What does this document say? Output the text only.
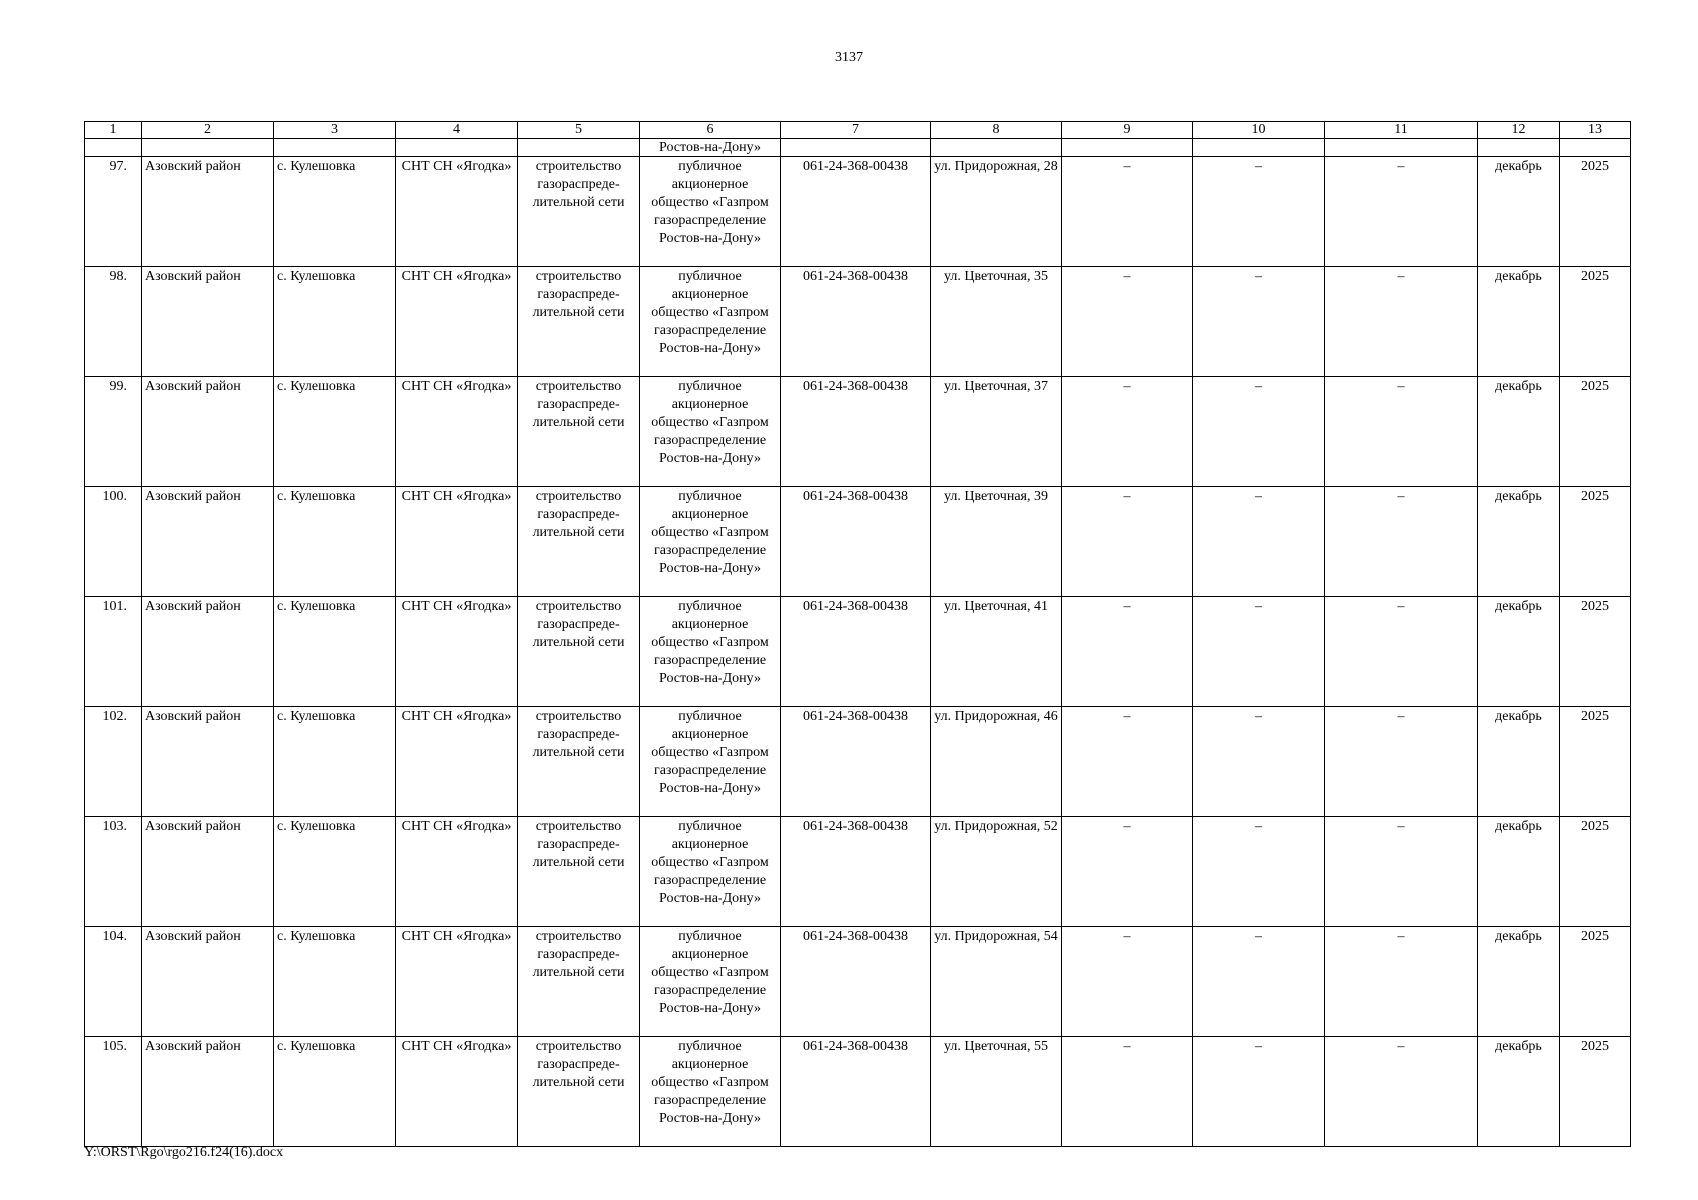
3137
1	2	3	4	5	6	7	8	9	10	11	12	13
					Ростов-на-Дону»							
97.	Азовский район	с. Кулешовка	СНТ СН «Ягодка»	строительство газораспреде-лительной сети	публичное акционерное общество «Газпром газораспределение Ростов-на-Дону»	061-24-368-00438	ул. Придорожная, 28	–	–	–	декабрь	2025
98.	Азовский район	с. Кулешовка	СНТ СН «Ягодка»	строительство газораспреде-лительной сети	публичное акционерное общество «Газпром газораспределение Ростов-на-Дону»	061-24-368-00438	ул. Цветочная, 35	–	–	–	декабрь	2025
99.	Азовский район	с. Кулешовка	СНТ СН «Ягодка»	строительство газораспреде-лительной сети	публичное акционерное общество «Газпром газораспределение Ростов-на-Дону»	061-24-368-00438	ул. Цветочная, 37	–	–	–	декабрь	2025
100.	Азовский район	с. Кулешовка	СНТ СН «Ягодка»	строительство газораспреде-лительной сети	публичное акционерное общество «Газпром газораспределение Ростов-на-Дону»	061-24-368-00438	ул. Цветочная, 39	–	–	–	декабрь	2025
101.	Азовский район	с. Кулешовка	СНТ СН «Ягодка»	строительство газораспреде-лительной сети	публичное акционерное общество «Газпром газораспределение Ростов-на-Дону»	061-24-368-00438	ул. Цветочная, 41	–	–	–	декабрь	2025
102.	Азовский район	с. Кулешовка	СНТ СН «Ягодка»	строительство газораспреде-лительной сети	публичное акционерное общество «Газпром газораспределение Ростов-на-Дону»	061-24-368-00438	ул. Придорожная, 46	–	–	–	декабрь	2025
103.	Азовский район	с. Кулешовка	СНТ СН «Ягодка»	строительство газораспреде-лительной сети	публичное акционерное общество «Газпром газораспределение Ростов-на-Дону»	061-24-368-00438	ул. Придорожная, 52	–	–	–	декабрь	2025
104.	Азовский район	с. Кулешовка	СНТ СН «Ягодка»	строительство газораспреде-лительной сети	публичное акционерное общество «Газпром газораспределение Ростов-на-Дону»	061-24-368-00438	ул. Придорожная, 54	–	–	–	декабрь	2025
105.	Азовский район	с. Кулешовка	СНТ СН «Ягодка»	строительство газораспреде-лительной сети	публичное акционерное общество «Газпром газораспределение Ростов-на-Дону»	061-24-368-00438	ул. Цветочная, 55	–	–	–	декабрь	2025
Y:\ORST\Rgo\rgo216.f24(16).docx
